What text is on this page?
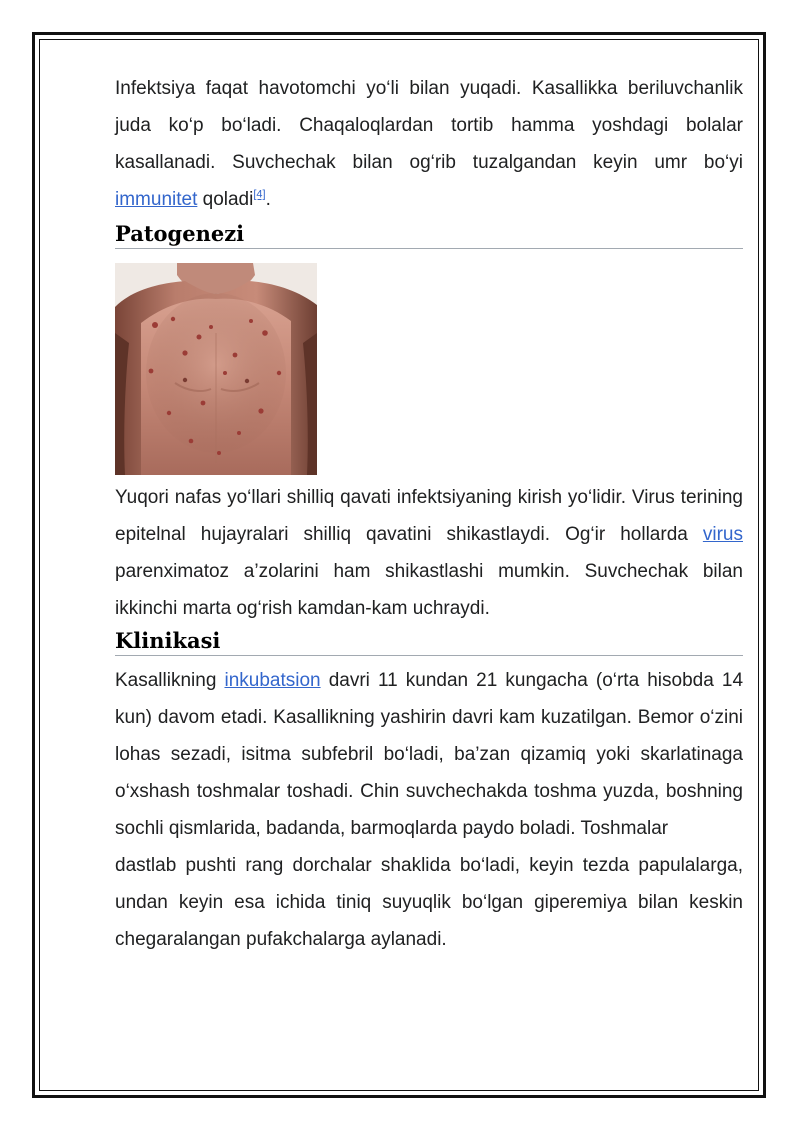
Infektsiya faqat havotomchi yo‘li bilan yuqadi. Kasallikka beriluvchanlik juda ko‘p bo‘ladi. Chaqaloqlardan tortib hamma yoshdagi bolalar kasallanadi. Suvchechak bilan og‘rib tuzalgandan keyin umr bo‘yi immunitet qoladi[4].

Patogenezi

Yuqori nafas yo‘llari shilliq qavati infektsiyaning kirish yo‘lidir. Virus terining epitelnal hujayralari shilliq qavatini shikastlaydi. Og‘ir hollarda virus parenximatoz a’zolarini ham shikastlashi mumkin. Suvchechak bilan ikkinchi marta og‘rish kamdan-kam uchraydi.

Klinikasi

Kasallikning inkubatsion davri 11 kundan 21 kungacha (o‘rta hisobda 14 kun) davom etadi. Kasallikning yashirin davri kam kuzatilgan. Bemor o‘zini lohas sezadi, isitma subfebril bo‘ladi, ba’zan qizamiq yoki skarlatinaga o‘xshash toshmalar toshadi. Chin suvchechakda toshma yuzda, boshning sochli qismlarida, badanda, barmoqlarda paydo boladi. Toshmalar

dastlab pushti rang dorchalar shaklida bo‘ladi, keyin tezda papulalarga, undan keyin esa ichida tiniq suyuqlik bo‘lgan giperemiya bilan keskin chegaralangan pufakchalarga aylanadi.
